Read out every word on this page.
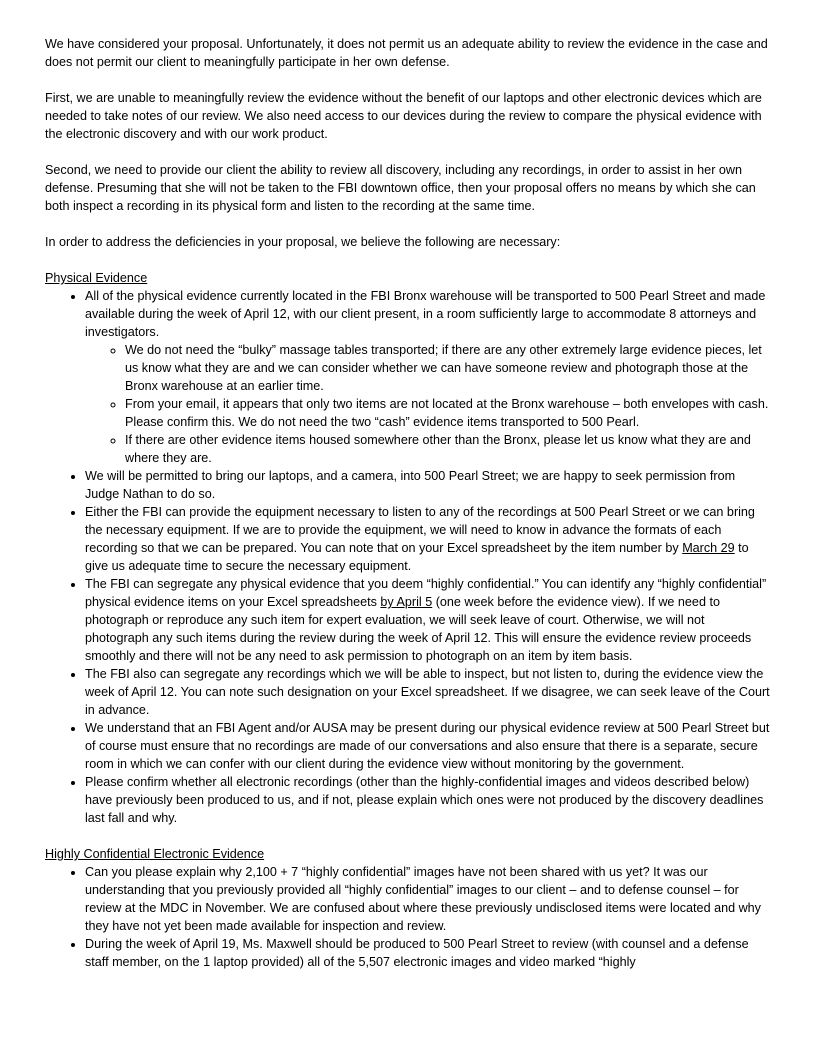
We have considered your proposal. Unfortunately, it does not permit us an adequate ability to review the evidence in the case and does not permit our client to meaningfully participate in her own defense.

First, we are unable to meaningfully review the evidence without the benefit of our laptops and other electronic devices which are needed to take notes of our review. We also need access to our devices during the review to compare the physical evidence with the electronic discovery and with our work product.

Second, we need to provide our client the ability to review all discovery, including any recordings, in order to assist in her own defense. Presuming that she will not be taken to the FBI downtown office, then your proposal offers no means by which she can both inspect a recording in its physical form and listen to the recording at the same time.

In order to address the deficiencies in your proposal, we believe the following are necessary:

Physical Evidence
• All of the physical evidence currently located in the FBI Bronx warehouse will be transported to 500 Pearl Street and made available during the week of April 12, with our client present, in a room sufficiently large to accommodate 8 attorneys and investigators.
◦ We do not need the “bulky” massage tables transported; if there are any other extremely large evidence pieces, let us know what they are and we can consider whether we can have someone review and photograph those at the Bronx warehouse at an earlier time.
◦ From your email, it appears that only two items are not located at the Bronx warehouse – both envelopes with cash. Please confirm this. We do not need the two “cash” evidence items transported to 500 Pearl.
◦ If there are other evidence items housed somewhere other than the Bronx, please let us know what they are and where they are.
• We will be permitted to bring our laptops, and a camera, into 500 Pearl Street; we are happy to seek permission from Judge Nathan to do so.
• Either the FBI can provide the equipment necessary to listen to any of the recordings at 500 Pearl Street or we can bring the necessary equipment. If we are to provide the equipment, we will need to know in advance the formats of each recording so that we can be prepared. You can note that on your Excel spreadsheet by the item number by March 29 to give us adequate time to secure the necessary equipment.
• The FBI can segregate any physical evidence that you deem “highly confidential.” You can identify any “highly confidential” physical evidence items on your Excel spreadsheets by April 5 (one week before the evidence view). If we need to photograph or reproduce any such item for expert evaluation, we will seek leave of court. Otherwise, we will not photograph any such items during the review during the week of April 12. This will ensure the evidence review proceeds smoothly and there will not be any need to ask permission to photograph on an item by item basis.
• The FBI also can segregate any recordings which we will be able to inspect, but not listen to, during the evidence view the week of April 12. You can note such designation on your Excel spreadsheet. If we disagree, we can seek leave of the Court in advance.
• We understand that an FBI Agent and/or AUSA may be present during our physical evidence review at 500 Pearl Street but of course must ensure that no recordings are made of our conversations and also ensure that there is a separate, secure room in which we can confer with our client during the evidence view without monitoring by the government.
• Please confirm whether all electronic recordings (other than the highly-confidential images and videos described below) have previously been produced to us, and if not, please explain which ones were not produced by the discovery deadlines last fall and why.
Highly Confidential Electronic Evidence
• Can you please explain why 2,100 + 7 “highly confidential” images have not been shared with us yet? It was our understanding that you previously provided all “highly confidential” images to our client – and to defense counsel – for review at the MDC in November. We are confused about where these previously undisclosed items were located and why they have not yet been made available for inspection and review.
• During the week of April 19, Ms. Maxwell should be produced to 500 Pearl Street to review (with counsel and a defense staff member, on the 1 laptop provided) all of the 5,507 electronic images and video marked “highly
